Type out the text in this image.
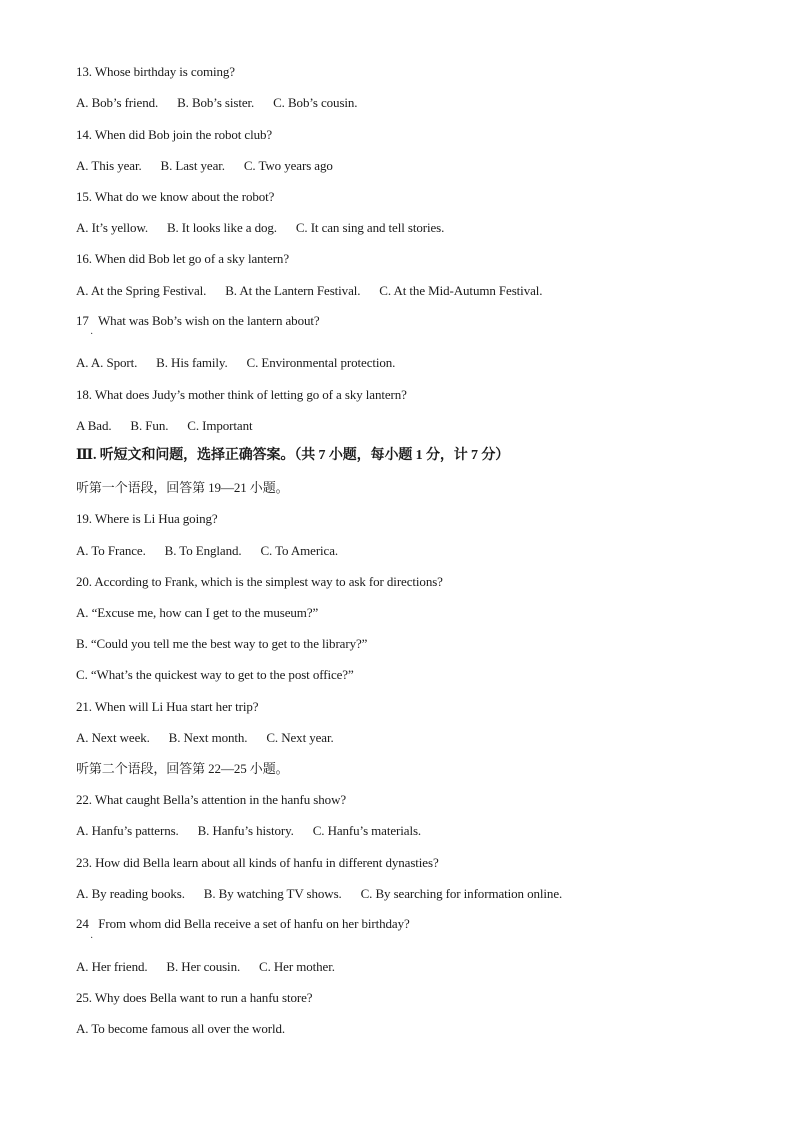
13. Whose birthday is coming?
A. Bob’s friend.      B. Bob’s sister.      C. Bob’s cousin.
14. When did Bob join the robot club?
A. This year.      B. Last year.      C. Two years ago
15. What do we know about the robot?
A. It’s yellow.      B. It looks like a dog.      C. It can sing and tell stories.
16. When did Bob let go of a sky lantern?
A. At the Spring Festival.      B. At the Lantern Festival.      C. At the Mid-Autumn Festival.
17   What was Bob’s wish on the lantern about?
·
A. A. Sport.      B. His family.      C. Environmental protection.
18. What does Judy’s mother think of letting go of a sky lantern?
A Bad.      B. Fun.      C. Important
Ⅲ. 听短文和问题，选择正确答案。（共 7 小题，每小题 1 分，计 7 分）
听第一个语段，回答第 19—21 小题。
19. Where is Li Hua going?
A. To France.      B. To England.      C. To America.
20. According to Frank, which is the simplest way to ask for directions?
A. “Excuse me, how can I get to the museum?”
B. “Could you tell me the best way to get to the library?”
C. “What’s the quickest way to get to the post office?”
21. When will Li Hua start her trip?
A. Next week.      B. Next month.      C. Next year.
听第二个语段，回答第 22—25 小题。
22. What caught Bella’s attention in the hanfu show?
A. Hanfu’s patterns.      B. Hanfu’s history.      C. Hanfu’s materials.
23. How did Bella learn about all kinds of hanfu in different dynasties?
A. By reading books.      B. By watching TV shows.      C. By searching for information online.
24   From whom did Bella receive a set of hanfu on her birthday?
·
A. Her friend.      B. Her cousin.      C. Her mother.
25. Why does Bella want to run a hanfu store?
A. To become famous all over the world.
